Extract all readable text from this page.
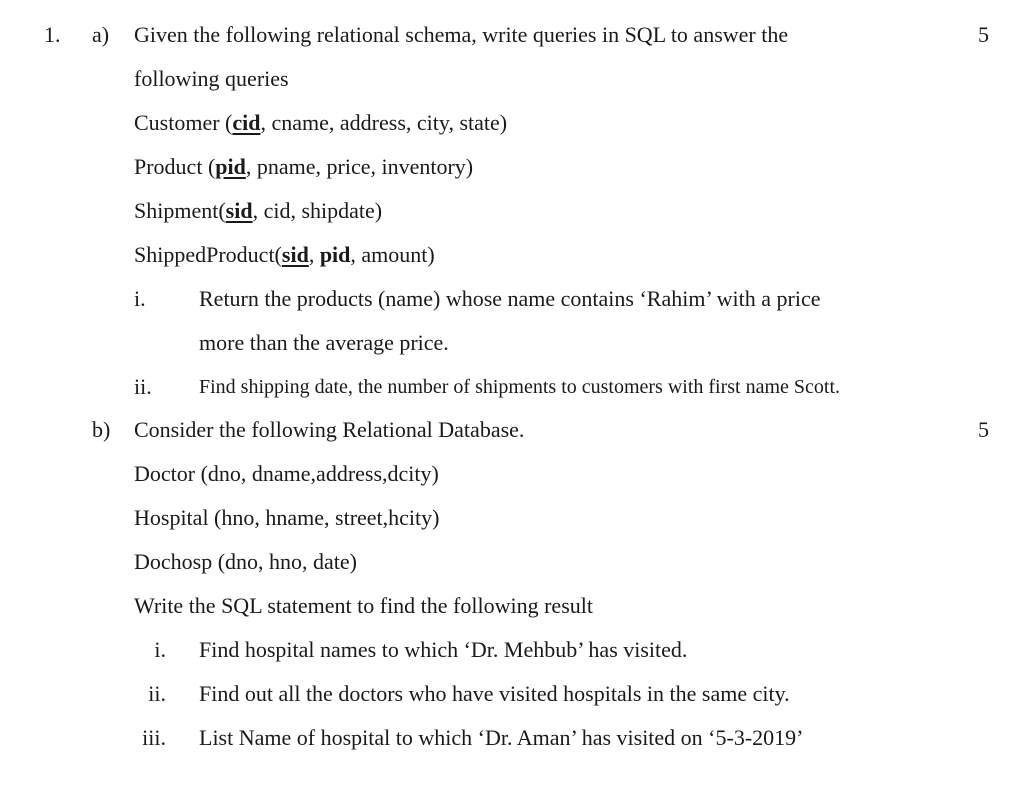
1. a) Given the following relational schema, write queries in SQL to answer the	5
following queries
Customer (cid, cname, address, city, state)
Product (pid, pname, price, inventory)
Shipment(sid, cid, shipdate)
ShippedProduct(sid, pid, amount)
i. Return the products (name) whose name contains ‘Rahim’ with a price
more than the average price.
ii. Find shipping date, the number of shipments to customers with first name Scott.
b) Consider the following Relational Database.	5
Doctor (dno, dname,address,dcity)
Hospital (hno, hname, street,hcity)
Dochosp (dno, hno, date)
Write the SQL statement to find the following result
i. Find hospital names to which ‘Dr. Mehbub’ has visited.
ii. Find out all the doctors who have visited hospitals in the same city.
iii. List Name of hospital to which ‘Dr. Aman’ has visited on ‘5-3-2019’
